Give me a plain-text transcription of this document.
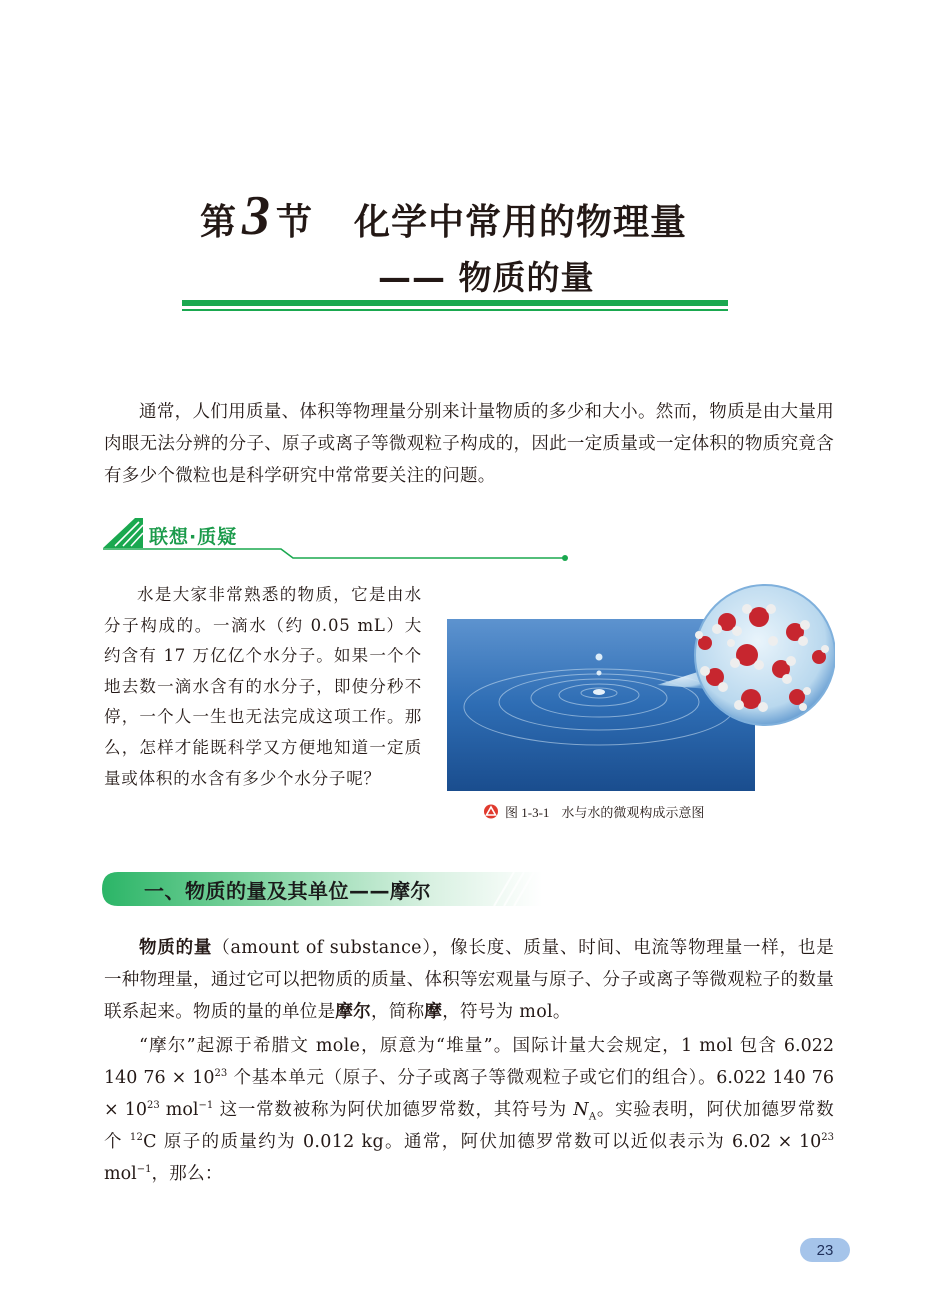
第 3 节 化学中常用的物理量
—— 物质的量
通常，人们用质量、体积等物理量分别来计量物质的多少和大小。然而，物质是由大量用肉眼无法分辨的分子、原子或离子等微观粒子构成的，因此一定质量或一定体积的物质究竟含有多少个微粒也是科学研究中常常要关注的问题。
联想·质疑
水是大家非常熟悉的物质，它是由水分子构成的。一滴水（约 0.05 mL）大约含有 17 万亿亿个水分子。如果一个个地去数一滴水含有的水分子，即使分秒不停，一个人一生也无法完成这项工作。那么，怎样才能既科学又方便地知道一定质量或体积的水含有多少个水分子呢？
图 1-3-1 水与水的微观构成示意图
一、物质的量及其单位——摩尔
物质的量（amount of substance），像长度、质量、时间、电流等物理量一样，也是一种物理量，通过它可以把物质的质量、体积等宏观量与原子、分子或离子等微观粒子的数量联系起来。物质的量的单位是摩尔，简称摩，符号为 mol。
“摩尔”起源于希腊文 mole，原意为“堆量”。国际计量大会规定，1 mol 包含 6.022 140 $76 \times 10^{23}$ 个基本单元（原子、分子或离子等微观粒子或它们的组合）。6.022 140 $76 \times 10^{23}$ mol$^{-1}$ 这一常数被称为阿伏加德罗常数，其符号为 $N_A$。实验表明，阿伏加德罗常数个 $^{12}$C 原子的质量约为 0.012 kg。通常，阿伏加德罗常数可以近似表示为 $6.02 \times 10^{23}$ mol$^{-1}$，那么：
23
